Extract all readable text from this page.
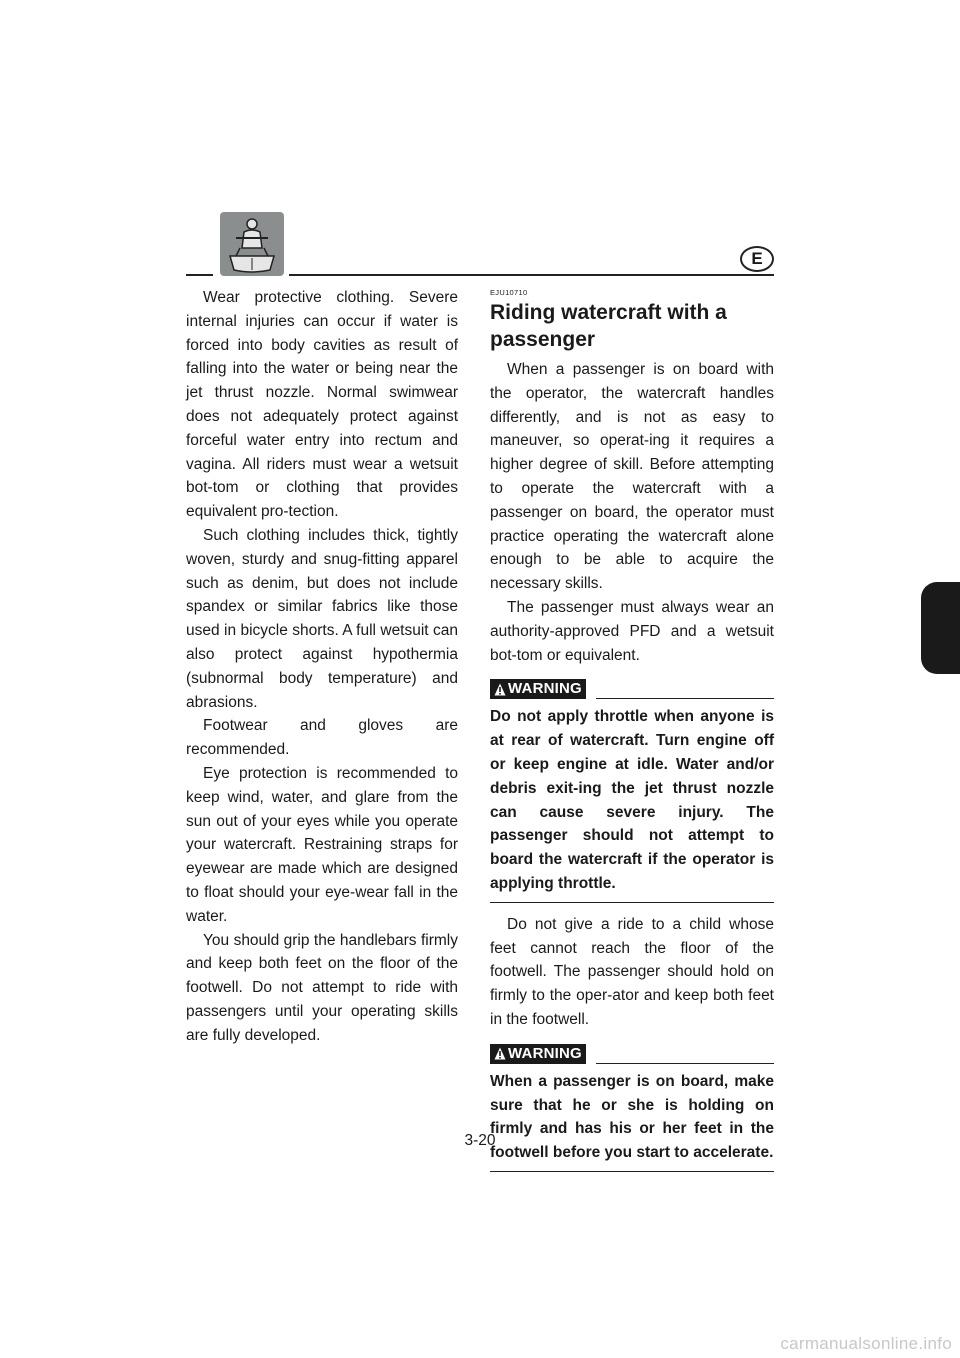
E

Wear protective clothing. Severe internal injuries can occur if water is forced into body cavities as result of falling into the water or being near the jet thrust nozzle. Normal swimwear does not adequately protect against forceful water entry into rectum and vagina. All riders must wear a wetsuit bot-tom or clothing that provides equivalent pro-tection.

Such clothing includes thick, tightly woven, sturdy and snug-fitting apparel such as denim, but does not include spandex or similar fabrics like those used in bicycle shorts. A full wetsuit can also protect against hypothermia (subnormal body temperature) and abrasions.

Footwear and gloves are recommended.

Eye protection is recommended to keep wind, water, and glare from the sun out of your eyes while you operate your watercraft. Restraining straps for eyewear are made which are designed to float should your eye-wear fall in the water.

You should grip the handlebars firmly and keep both feet on the floor of the footwell. Do not attempt to ride with passengers until your operating skills are fully developed.

EJU10710
Riding watercraft with a passenger

When a passenger is on board with the operator, the watercraft handles differently, and is not as easy to maneuver, so operat-ing it requires a higher degree of skill. Before attempting to operate the watercraft with a passenger on board, the operator must practice operating the watercraft alone enough to be able to acquire the necessary skills.

The passenger must always wear an authority-approved PFD and a wetsuit bot-tom or equivalent.

WARNING

Do not apply throttle when anyone is at rear of watercraft. Turn engine off or keep engine at idle. Water and/or debris exit-ing the jet thrust nozzle can cause severe injury. The passenger should not attempt to board the watercraft if the operator is applying throttle.

Do not give a ride to a child whose feet cannot reach the floor of the footwell. The passenger should hold on firmly to the oper-ator and keep both feet in the footwell.

WARNING

When a passenger is on board, make sure that he or she is holding on firmly and has his or her feet in the footwell before you start to accelerate.

3-20
carmanualsonline.info
